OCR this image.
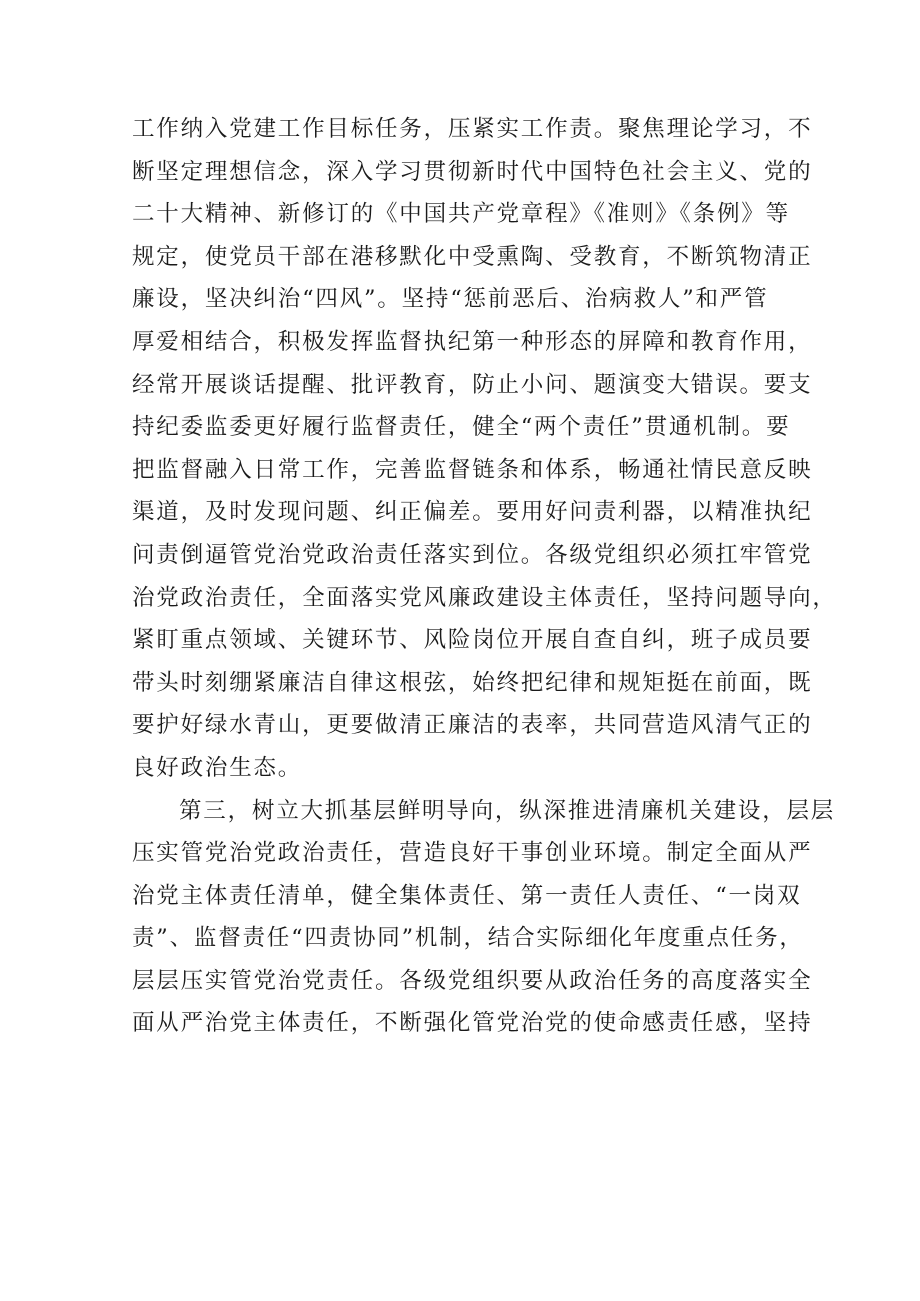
工作纳入党建工作目标任务，压紧实工作责。聚焦理论学习，不
断坚定理想信念，深入学习贯彻新时代中国特色社会主义、党的
二十大精神、新修订的《中国共产党章程》《准则》《条例》等
规定，使党员干部在港移默化中受熏陶、受教育，不断筑物清正
廉设，坚决纠治“四风”。坚持“惩前恶后、治病救人”和严管
厚爱相结合，积极发挥监督执纪第一种形态的屏障和教育作用，
经常开展谈话提醒、批评教育，防止小问、题演变大错误。要支
持纪委监委更好履行监督责任，健全“两个责任”贯通机制。要
把监督融入日常工作，完善监督链条和体系，畅通社情民意反映
渠道，及时发现问题、纠正偏差。要用好问责利器，以精准执纪
问责倒逼管党治党政治责任落实到位。各级党组织必须扛牢管党
治党政治责任，全面落实党风廉政建设主体责任，坚持问题导向，
紧盯重点领域、关键环节、风险岗位开展自查自纠，班子成员要
带头时刻绷紧廉洁自律这根弦，始终把纪律和规矩挺在前面，既
要护好绿水青山，更要做清正廉洁的表率，共同营造风清气正的
良好政治生态。
第三，树立大抓基层鲜明导向，纵深推进清廉机关建设，层层
压实管党治党政治责任，营造良好干事创业环境。制定全面从严
治党主体责任清单，健全集体责任、第一责任人责任、“一岗双
责”、监督责任“四责协同”机制，结合实际细化年度重点任务，
层层压实管党治党责任。各级党组织要从政治任务的高度落实全
面从严治党主体责任，不断强化管党治党的使命感责任感，坚持
